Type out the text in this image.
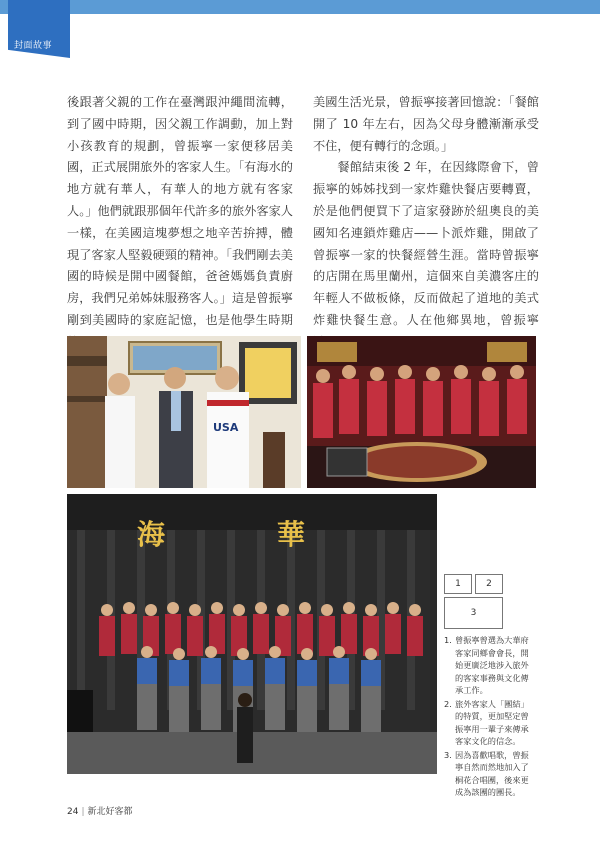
封面故事

後跟著父親的工作在臺灣跟沖繩間流轉，到了國中時期，因父親工作調動，加上對小孩教育的規劃，曾振寧一家便移居美國，正式展開旅外的客家人生。「有海水的地方就有華人，有華人的地方就有客家人。」他們就跟那個年代許多的旅外客家人一樣，在美國這塊夢想之地辛苦拚搏，體現了客家人堅毅硬頸的精神。「我們剛去美國的時候是開中國餐館，爸爸媽媽負責廚房，我們兄弟姊妹服務客人。」這是曾振寧剛到美國時的家庭記憶，也是他學生時期

美國生活光景，曾振寧接著回憶說：「餐館開了 10 年左右，因為父母身體漸漸承受不住，便有轉行的念頭。」

餐館結束後 2 年，在因緣際會下，曾振寧的姊姊找到一家炸雞快餐店要轉賣，於是他們便買下了這家發跡於紐奧良的美國知名連鎖炸雞店——卜派炸雞，開啟了曾振寧一家的快餐經營生涯。當時曾振寧的店開在馬里蘭州，這個來自美濃客庄的年輕人不做板條，反而做起了道地的美式炸雞快餐生意。人在他鄉異地，曾振寧

USA
海	華
1	2
3
1. 曾振寧曾選為大華府客家同鄉會會長，開始更廣泛地涉入旅外的客家事務與文化傳承工作。
2. 旅外客家人「團結」的特質，更加堅定曾振寧用一輩子來傳承客家文化的信念。
3. 因為喜歡唱歌，曾振寧自然而然地加入了桐花合唱團，後來更成為該團的團長。
24 | 新北好客都
